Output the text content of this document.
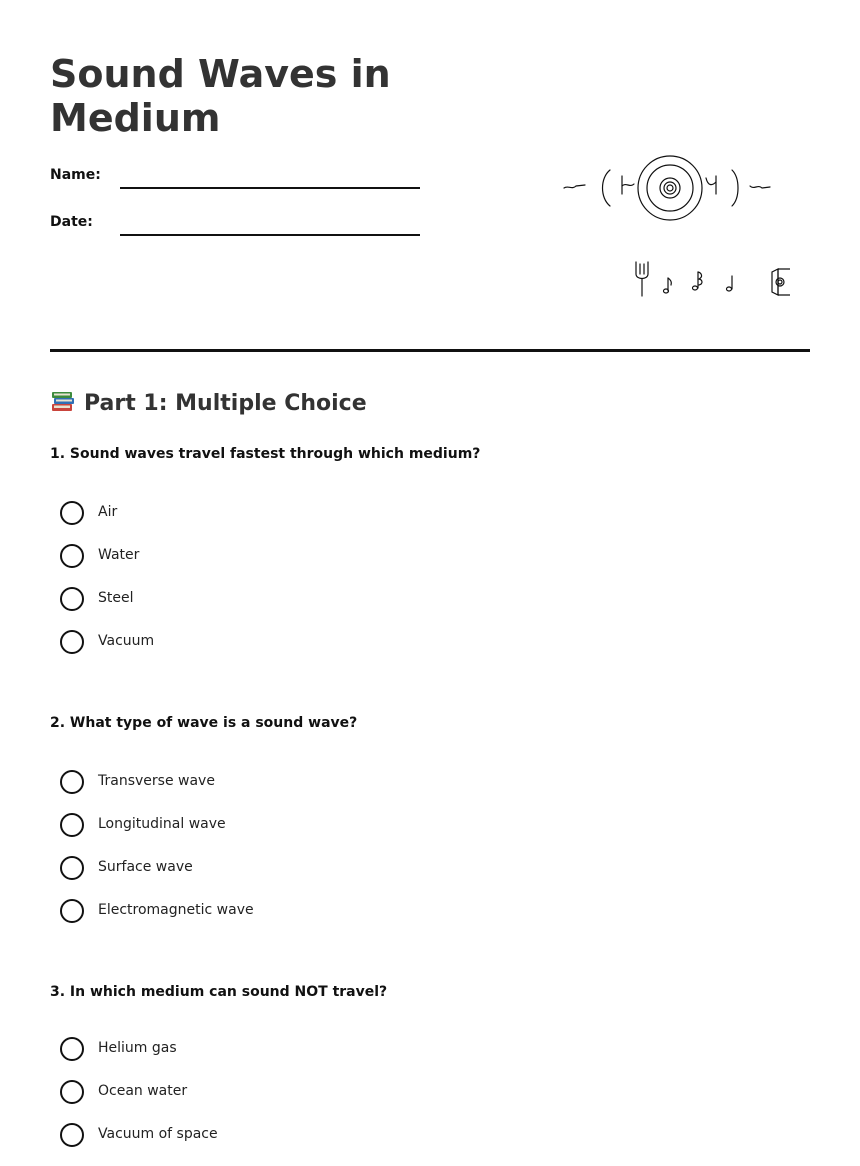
Sound Waves in Medium
Name:
Date:
Part 1: Multiple Choice

1. Sound waves travel fastest through which medium?

Air
Water
Steel
Vacuum

2. What type of wave is a sound wave?

Transverse wave
Longitudinal wave
Surface wave
Electromagnetic wave

3. In which medium can sound NOT travel?

Helium gas
Ocean water
Vacuum of space
